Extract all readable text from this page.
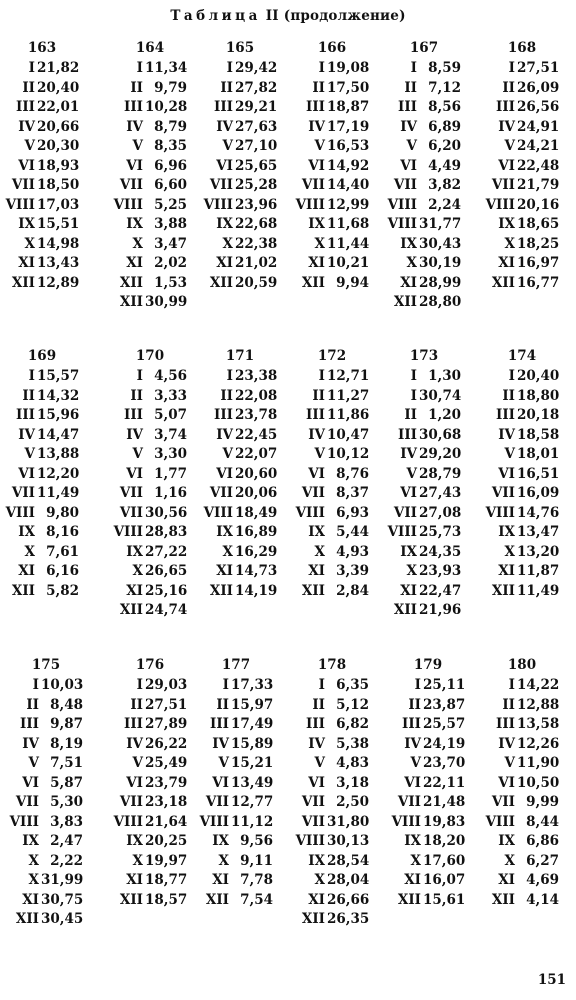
Таблица II (продолжение)
163
I 21,82
II 20,40
III 22,01
IV 20,66
V 20,30
VI 18,93
VII 18,50
VIII 17,03
IX 15,51
X 14,98
XI 13,43
XII 12,89
164
I 11,34
II 9,79
III 10,28
IV 8,79
V 8,35
VI 6,96
VII 6,60
VIII 5,25
IX 3,88
X 3,47
XI 2,02
XII 1,53
XII 30,99
165
I 29,42
II 27,82
III 29,21
IV 27,63
V 27,10
VI 25,65
VII 25,28
VIII 23,96
IX 22,68
X 22,38
XI 21,02
XII 20,59
166
I 19,08
II 17,50
III 18,87
IV 17,19
V 16,53
VI 14,92
VII 14,40
VIII 12,99
IX 11,68
X 11,44
XI 10,21
XII 9,94
167
I 8,59
II 7,12
III 8,56
IV 6,89
V 6,20
VI 4,49
VII 3,82
VIII 2,24
VIII 31,77
IX 30,43
X 30,19
XI 28,99
XII 28,80
168
I 27,51
II 26,09
III 26,56
IV 24,91
V 24,21
VI 22,48
VII 21,79
VIII 20,16
IX 18,65
X 18,25
XI 16,97
XII 16,77
169
I 15,57
II 14,32
III 15,96
IV 14,47
V 13,88
VI 12,20
VII 11,49
VIII 9,80
IX 8,16
X 7,61
XI 6,16
XII 5,82
170
I 4,56
II 3,33
III 5,07
IV 3,74
V 3,30
VI 1,77
VII 1,16
VII 30,56
VIII 28,83
IX 27,22
X 26,65
XI 25,16
XII 24,74
171
I 23,38
II 22,08
III 23,78
IV 22,45
V 22,07
VI 20,60
VII 20,06
VIII 18,49
IX 16,89
X 16,29
XI 14,73
XII 14,19
172
I 12,71
II 11,27
III 11,86
IV 10,47
V 10,12
VI 8,76
VII 8,37
VIII 6,93
IX 5,44
X 4,93
XI 3,39
XII 2,84
173
I 1,30
I 30,74
II 1,20
III 30,68
IV 29,20
V 28,79
VI 27,43
VII 27,08
VIII 25,73
IX 24,35
X 23,93
XI 22,47
XII 21,96
174
I 20,40
II 18,80
III 20,18
IV 18,58
V 18,01
VI 16,51
VII 16,09
VIII 14,76
IX 13,47
X 13,20
XI 11,87
XII 11,49
175
I 10,03
II 8,48
III 9,87
IV 8,19
V 7,51
VI 5,87
VII 5,30
VIII 3,83
IX 2,47
X 2,22
X 31,99
XI 30,75
XII 30,45
176
I 29,03
II 27,51
III 27,89
IV 26,22
V 25,49
VI 23,79
VII 23,18
VIII 21,64
IX 20,25
X 19,97
XI 18,77
XII 18,57
177
I 17,33
II 15,97
III 17,49
IV 15,89
V 15,21
VI 13,49
VII 12,77
VIII 11,12
IX 9,56
X 9,11
XI 7,78
XII 7,54
178
I 6,35
II 5,12
III 6,82
IV 5,38
V 4,83
VI 3,18
VII 2,50
VII 31,80
VIII 30,13
IX 28,54
X 28,04
XI 26,66
XII 26,35
179
I 25,11
II 23,87
III 25,57
IV 24,19
V 23,70
VI 22,11
VII 21,48
VIII 19,83
IX 18,20
X 17,60
XI 16,07
XII 15,61
180
I 14,22
II 12,88
III 13,58
IV 12,26
V 11,90
VI 10,50
VII 9,99
VIII 8,44
IX 6,86
X 6,27
XI 4,69
XII 4,14
151
